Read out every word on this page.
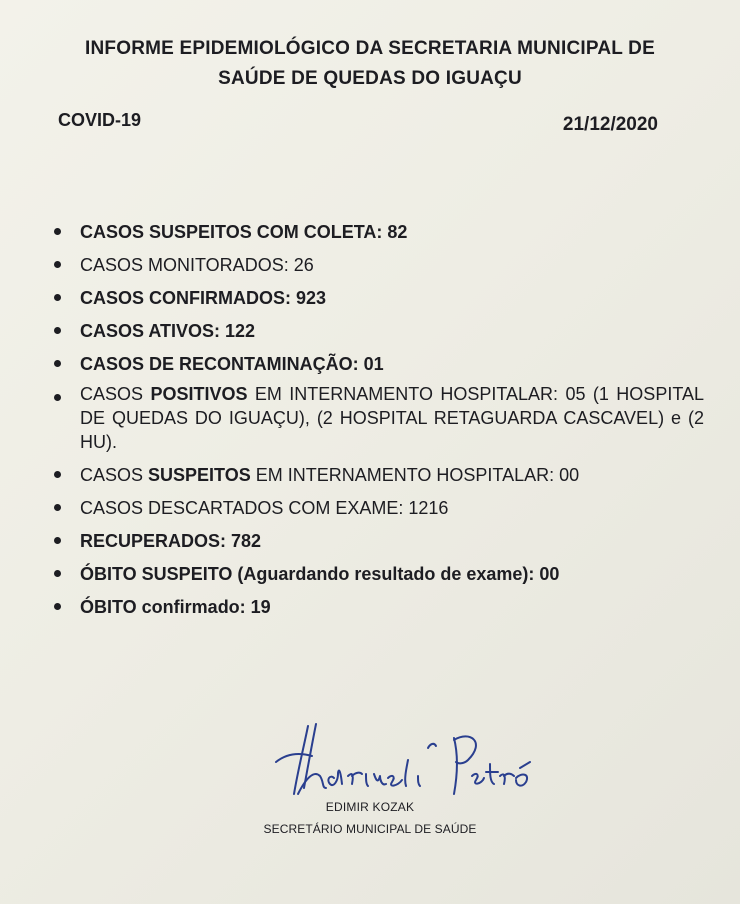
INFORME EPIDEMIOLÓGICO DA SECRETARIA MUNICIPAL DE
SAÚDE DE QUEDAS DO IGUAÇU
COVID-19	21/12/2020
CASOS SUSPEITOS COM COLETA: 82
CASOS MONITORADOS: 26
CASOS CONFIRMADOS: 923
CASOS ATIVOS: 122
CASOS DE RECONTAMINAÇÃO: 01
CASOS POSITIVOS EM INTERNAMENTO HOSPITALAR: 05 (1 HOSPITAL DE QUEDAS DO IGUAÇU), (2 HOSPITAL RETAGUARDA CASCAVEL) e (2 HU).
CASOS SUSPEITOS EM INTERNAMENTO HOSPITALAR: 00
CASOS DESCARTADOS COM EXAME: 1216
RECUPERADOS: 782
ÓBITO SUSPEITO (Aguardando resultado de exame): 00
ÓBITO confirmado: 19
EDIMIR KOZAK
SECRETÁRIO MUNICIPAL DE SAÚDE
